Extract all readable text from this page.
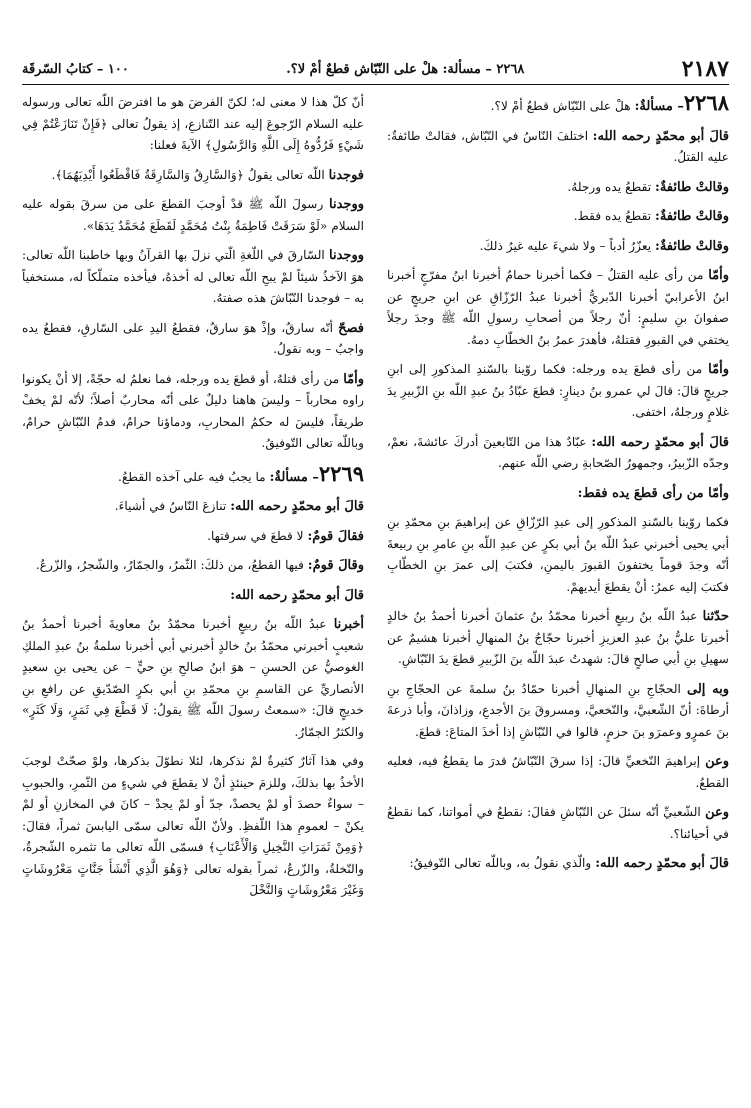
٢١٨٧
٢٢٦٨ – مسألة: هلْ على النّبّاش قطعٌ أمْ لا؟.
١٠٠ – كتابُ السّرقَة

٢٢٦٨– مسألةٌ: هلْ على النّبّاش قطعٌ أمْ لا؟.

قالَ أبو محمّدٍ رحمه الله: اختلفَ النّاسُ في النّبّاش، فقالتْ طائفةٌ: عليه القتلُ.

وقالتْ طائفةٌ: تقطعُ يده ورجلهُ.

وقالتْ طائفةٌ: تقطعُ يده فقط.

وقالتْ طائفةٌ: يعزّرُ أدباً – ولا شيءَ عليه غيرُ ذلكَ.

وأمّا من رأى عليه القتلُ – فكما أخبرنا حمامٌ أخبرنا ابنُ مفرّجٍ أخبرنا ابنُ الأعرابيّ أخبرنا الدّبريُّ أخبرنا عبدُ الرّزّاقِ عن ابنِ جريجٍ عن صفوانَ بنِ سليمٍ: أنّ رجلاً من أصحابِ رسولِ اللّه ﷺ وجدَ رجلاً يختفي في القبورِ فقتلهُ، فأهدرَ عمرُ بنُ الخطّابِ دمهُ.

وأمّا من رأى قطعَ يده ورجله: فكما روّينا بالسّندِ المذكورِ إلى ابنِ جريجٍ قالَ: قالَ لي عمرو بنُ دينارٍ: قطعَ عبّادُ بنُ عبدِ اللّه بنِ الزّبيرِ يدَ غلامٍ ورجلهُ، اختفى.

قالَ أبو محمّدٍ رحمه الله: عبّادٌ هذا من التّابعينَ أدركَ عائشةَ، نعمْ، وجدّه الزّبيرُ، وجمهورُ الصّحابةِ رضي اللّه عنهم.

وأمّا من رأى قطعَ يده فقط:

فكما روّينا بالسّندِ المذكورِ إلى عبدِ الرّزّاقِ عن إبراهيمَ بنِ محمّدِ بنِ أبي يحيى أخبرني عبدُ اللّه بنُ أبي بكرٍ عن عبدِ اللّه بنِ عامرِ بنِ ربيعةَ أنّه وجدَ قوماً يختفونَ القبورَ باليمنِ، فكتبَ إلى عمرَ بنِ الخطّابِ فكتبَ إليه عمرُ: أنْ يقطعَ أيديهمْ.

حدّثنا عبدُ اللّه بنُ ربيعٍ أخبرنا محمّدُ بنُ عثمانَ أخبرنا أحمدُ بنُ خالدٍ أخبرنا عليُّ بنُ عبدِ العزيزِ أخبرنا حجّاجُ بنُ المنهالِ أخبرنا هشيمٌ عن سهيلِ بنِ أبي صالحٍ قالَ: شهدتُ عبدَ اللّه بنَ الزّبيرِ قطعَ يدَ النّبّاشِ.

وبه إلى الحجّاجِ بنِ المنهالِ أخبرنا حمّادُ بنُ سلمةَ عن الحجّاجِ بنِ أرطاةَ: أنّ الشّعبيَّ، والنّخعيَّ، ومسروقَ بنَ الأجدعِ، وزاذانَ، وأبا ذرعةَ بنَ عمرٍو وعمرَو بنَ حزمٍ، قالوا في النّبّاشِ إذا أخذَ المتاعَ: قطعَ.

وعن إبراهيمَ النّخعيِّ قالَ: إذا سرقَ النّبّاشُ قدرَ ما يقطعُ فيه، فعليه القطعُ.

وعن الشّعبيِّ أنّه سئلَ عن النّبّاشِ فقالَ: نقطعُ في أمواتنا، كما نقطعُ في أحيائنا؟.

قالَ أبو محمّدٍ رحمه الله: والّذي نقولُ به، وباللّه تعالى التّوفيقُ:

أنّ كلّ هذا لا معنى له؛ لكنّ الفرضَ هو ما افترضَ اللّه تعالى ورسوله عليه السلام الرّجوعَ إليه عند التّنازعِ، إذ يقولُ تعالى ﴿فَإِنْ تَنَازَعْتُمْ فِي شَيْءٍ فَرُدُّوهُ إِلَى اللَّهِ وَالرَّسُولِ﴾ الآيةَ فعلنا:

فوجدنا اللّه تعالى يقولُ ﴿وَالسَّارِقُ وَالسَّارِقَةُ فَاقْطَعُوا أَيْدِيَهُمَا﴾.

ووجدنا رسولَ اللّه ﷺ قدْ أوجبَ القطعَ على من سرقَ بقوله عليه السلام «لَوْ سَرَقَتْ فَاطِمَةُ بِنْتُ مُحَمَّدٍ لَقَطَعَ مُحَمَّدٌ يَدَهَا».

ووجدنا السّارقَ في اللّغةِ الّتي نزلَ بها القرآنُ وبها خاطبنا اللّه تعالى: هوَ الآخذُ شيئاً لمْ يبحِ اللّه تعالى له أخذهُ، فيأخذه متملّكاً له، مستخفياً به – فوجدنا النّبّاشَ هذه صفتهُ.

فصحّ أنّه سارقٌ، وإذْ هوَ سارقٌ، فقطعُ اليدِ على السّارقِ، فقطعُ يده واجبٌ – وبه نقولُ.

وأمّا من رأى قتلهُ، أو قطعَ يده ورجله، فما نعلمُ له حجّةً، إلا أنْ يكونوا راوه محارباً – وليسَ هاهنا دليلٌ على أنّه محاربٌ أصلاً؛ لأنّه لمْ يخفْ طريقاً، فليسَ له حكمُ المحاربِ، ودماؤنا حرامٌ، فدمُ النّبّاشِ حرامٌ، وباللّه تعالى التّوفيقُ.

٢٢٦٩– مسألةٌ: ما يجبُ فيه على آخذه القطعُ.

قالَ أبو محمّدٍ رحمه الله: تنازعَ النّاسُ في أشياءَ.

فقالَ قومٌ: لا قطعَ في سرقتها.

وقالَ قومٌ: فيها القطعُ، من ذلكَ: الثّمرُ، والجمّارُ، والشّجرُ، والزّرعُ.

قالَ أبو محمّدٍ رحمه الله:

أخبرنا عبدُ اللّه بنُ ربيعٍ أخبرنا محمّدُ بنُ معاويةَ أخبرنا أحمدُ بنُ شعيبٍ أخبرني محمّدُ بنُ خالدٍ أخبرني أبي أخبرنا سلمةُ بنُ عبدِ الملكِ الغوصيُّ عن الحسنِ – هوَ ابنُ صالحِ بنِ حيٍّ – عن يحيى بنِ سعيدٍ الأنصاريِّ عن القاسمِ بنِ محمّدِ بنِ أبي بكرٍ الصّدّيقِ عن رافعِ بنِ خديجٍ قالَ: «سمعتُ رسولَ اللّه ﷺ يقولُ: لَا قَطْعَ فِي ثَمَرٍ، وَلَا كَثَرٍ» والكثرُ الجمّارُ.

وفي هذا آثارٌ كثيرةٌ لمْ نذكرها، لئلا نطوّلَ بذكرها، ولوْ صحّتْ لوجبَ الأخذُ بها بذلكَ، وللزمَ حينئذٍ أنْ لا يقطعَ في شيءٍ من الثّمرِ، والحبوبِ – سواءٌ حصدَ أو لمْ يحصدْ، جدّ أو لمْ يجدْ – كانَ في المخازنِ أو لمْ يكنْ – لعمومِ هذا اللّفظِ. ولأنّ اللّه تعالى سمّى اليابسَ ثمراً، فقالَ: ﴿وَمِنْ ثَمَرَاتِ النَّخِيلِ وَالْأَعْنَابِ﴾ فسمّى اللّه تعالى ما تثمره الشّجرةُ، والنّخلةُ، والزّرعُ، ثمراً بقوله تعالى ﴿وَهُوَ الَّذِي أَنْشَأَ جَنَّاتٍ مَعْرُوشَاتٍ وَغَيْرَ مَعْرُوشَاتٍ وَالنَّخْلَ
